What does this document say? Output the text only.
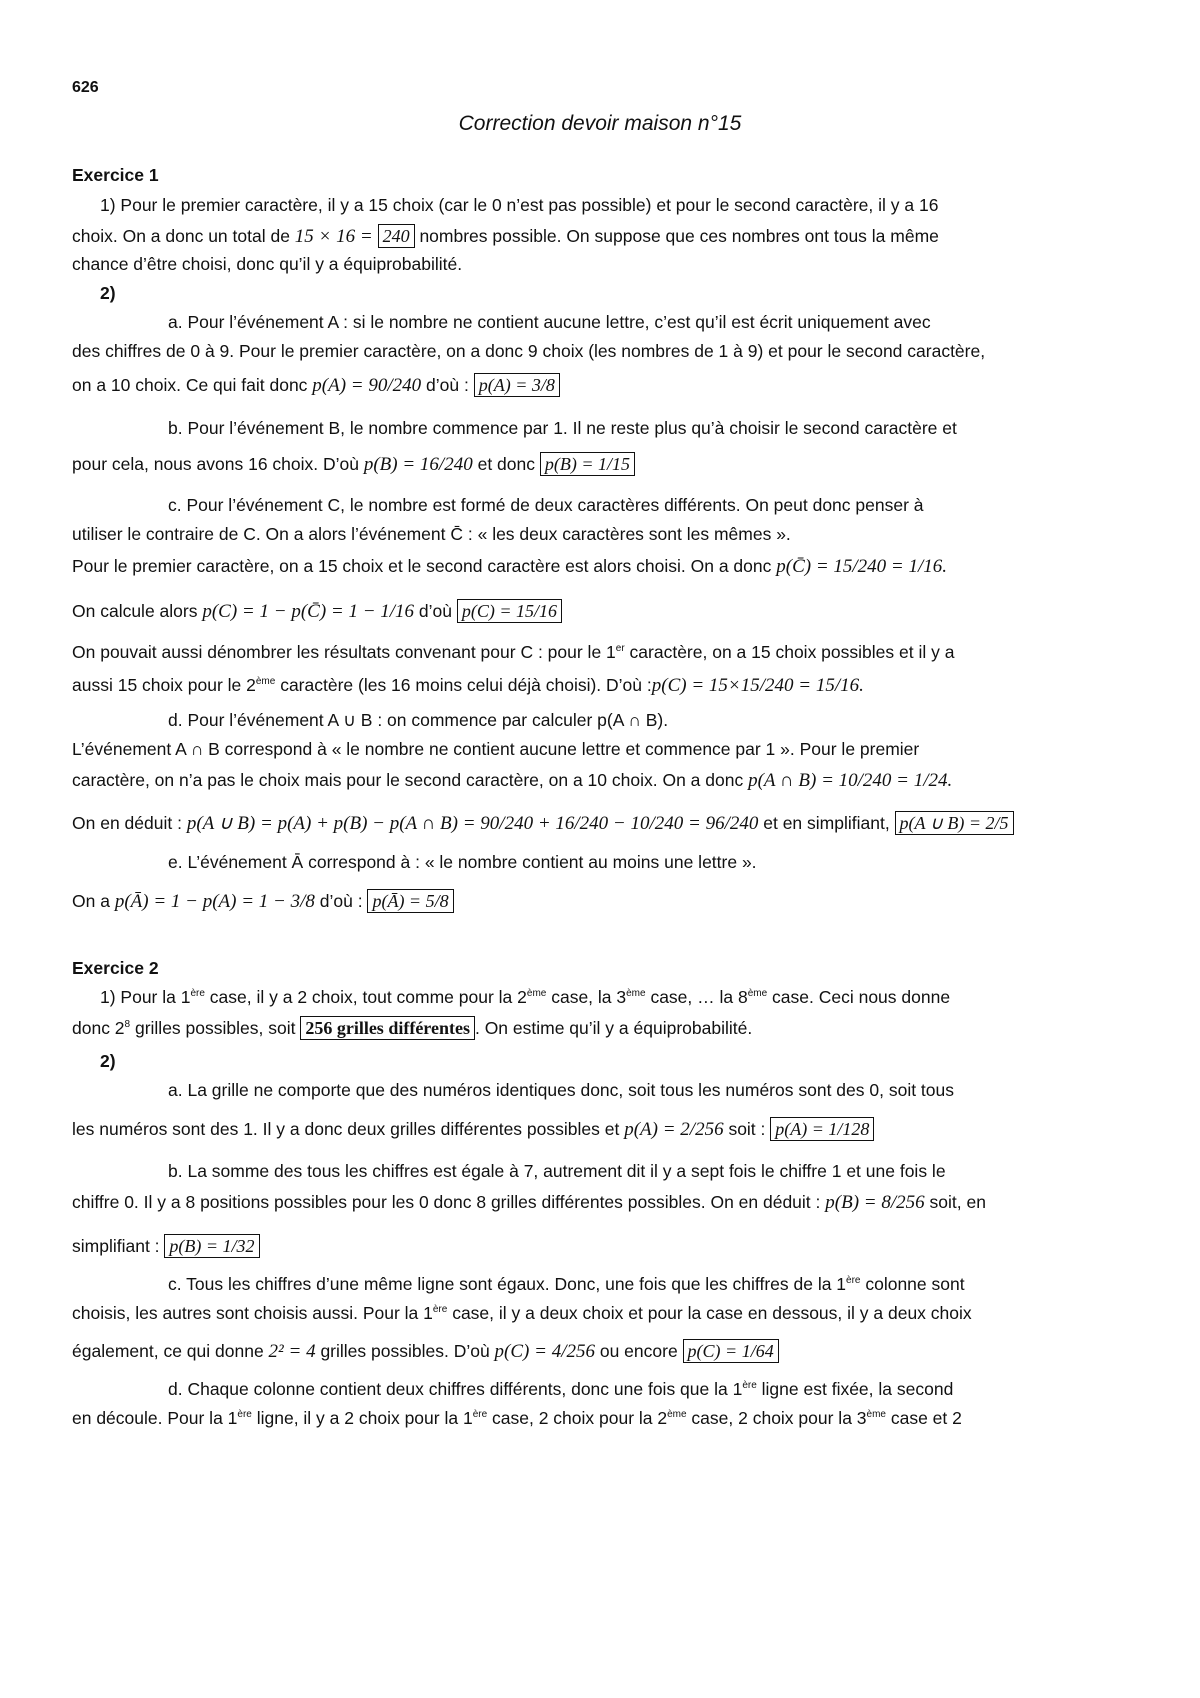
626
Correction devoir maison n°15
Exercice 1
1) Pour le premier caractère, il y a 15 choix (car le 0 n’est pas possible) et pour le second caractère, il y a 16
choix. On a donc un total de 15 × 16 = 240 nombres possible. On suppose que ces nombres ont tous la même
chance d’être choisi, donc qu’il y a équiprobabilité.
2)
a. Pour l’événement A : si le nombre ne contient aucune lettre, c’est qu’il est écrit uniquement avec
des chiffres de 0 à 9. Pour le premier caractère, on a donc 9 choix (les nombres de 1 à 9) et pour le second caractère,
on a 10 choix. Ce qui fait donc p(A) = 90/240 d’où : p(A) = 3/8
b. Pour l’événement B, le nombre commence par 1. Il ne reste plus qu’à choisir le second caractère et
pour cela, nous avons 16 choix. D’où p(B) = 16/240 et donc p(B) = 1/15
c. Pour l’événement C, le nombre est formé de deux caractères différents. On peut donc penser à
utiliser le contraire de C. On a alors l’événement C̄ : « les deux caractères sont les mêmes ».
Pour le premier caractère, on a 15 choix et le second caractère est alors choisi. On a donc p(C̄) = 15/240 = 1/16.
On calcule alors p(C) = 1 − p(C̄) = 1 − 1/16 d’où p(C) = 15/16
On pouvait aussi dénombrer les résultats convenant pour C : pour le 1er caractère, on a 15 choix possibles et il y a
aussi 15 choix pour le 2ème caractère (les 16 moins celui déjà choisi). D’où :p(C) = 15×15/240 = 15/16.
d. Pour l’événement A ∪ B : on commence par calculer p(A ∩ B).
L’événement A ∩ B correspond à « le nombre ne contient aucune lettre et commence par 1 ». Pour le premier
caractère, on n’a pas le choix mais pour le second caractère, on a 10 choix. On a donc p(A ∩ B) = 10/240 = 1/24.
On en déduit : p(A ∪ B) = p(A) + p(B) − p(A ∩ B) = 90/240 + 16/240 − 10/240 = 96/240 et en simplifiant, p(A ∪ B) = 2/5
e. L’événement Ā correspond à : « le nombre contient au moins une lettre ».
On a p(Ā) = 1 − p(A) = 1 − 3/8 d’où : p(Ā) = 5/8
Exercice 2
1) Pour la 1ère case, il y a 2 choix, tout comme pour la 2ème case, la 3ème case, … la 8ème case. Ceci nous donne
donc $2^8$ grilles possibles, soit 256 grilles différentes . On estime qu’il y a équiprobabilité.
2)
a. La grille ne comporte que des numéros identiques donc, soit tous les numéros sont des 0, soit tous
les numéros sont des 1. Il y a donc deux grilles différentes possibles et p(A) = 2/256 soit : p(A) = 1/128
b. La somme des tous les chiffres est égale à 7, autrement dit il y a sept fois le chiffre 1 et une fois le
chiffre 0. Il y a 8 positions possibles pour les 0 donc 8 grilles différentes possibles. On en déduit : p(B) = 8/256 soit, en
simplifiant : p(B) = 1/32
c. Tous les chiffres d’une même ligne sont égaux. Donc, une fois que les chiffres de la 1ère colonne sont
choisis, les autres sont choisis aussi. Pour la 1ère case, il y a deux choix et pour la case en dessous, il y a deux choix
également, ce qui donne 2² = 4 grilles possibles. D’où p(C) = 4/256 ou encore p(C) = 1/64
d. Chaque colonne contient deux chiffres différents, donc une fois que la 1ère ligne est fixée, la second
en découle. Pour la 1ère ligne, il y a 2 choix pour la 1ère case, 2 choix pour la 2ème case, 2 choix pour la 3ème case et 2
